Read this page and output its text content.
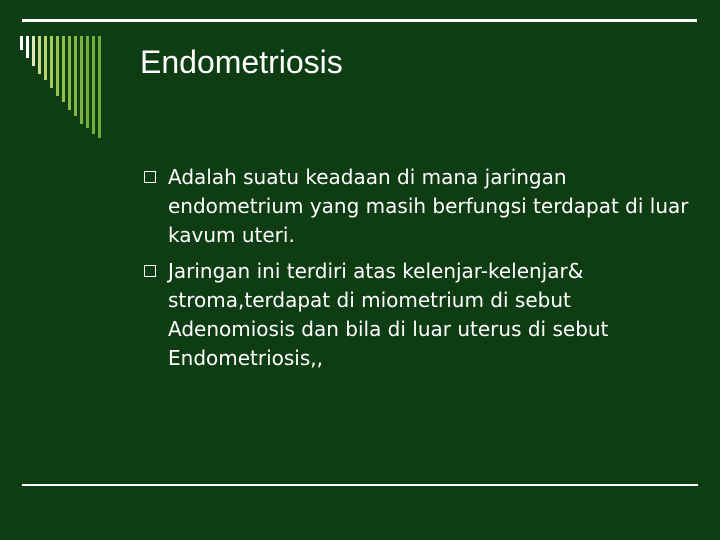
Endometriosis
Adalah suatu keadaan di mana jaringan endometrium yang masih berfungsi terdapat di luar kavum uteri.
Jaringan ini terdiri atas kelenjar-kelenjar& stroma,terdapat di miometrium di sebut Adenomiosis dan bila di luar uterus di sebut Endometriosis,,
